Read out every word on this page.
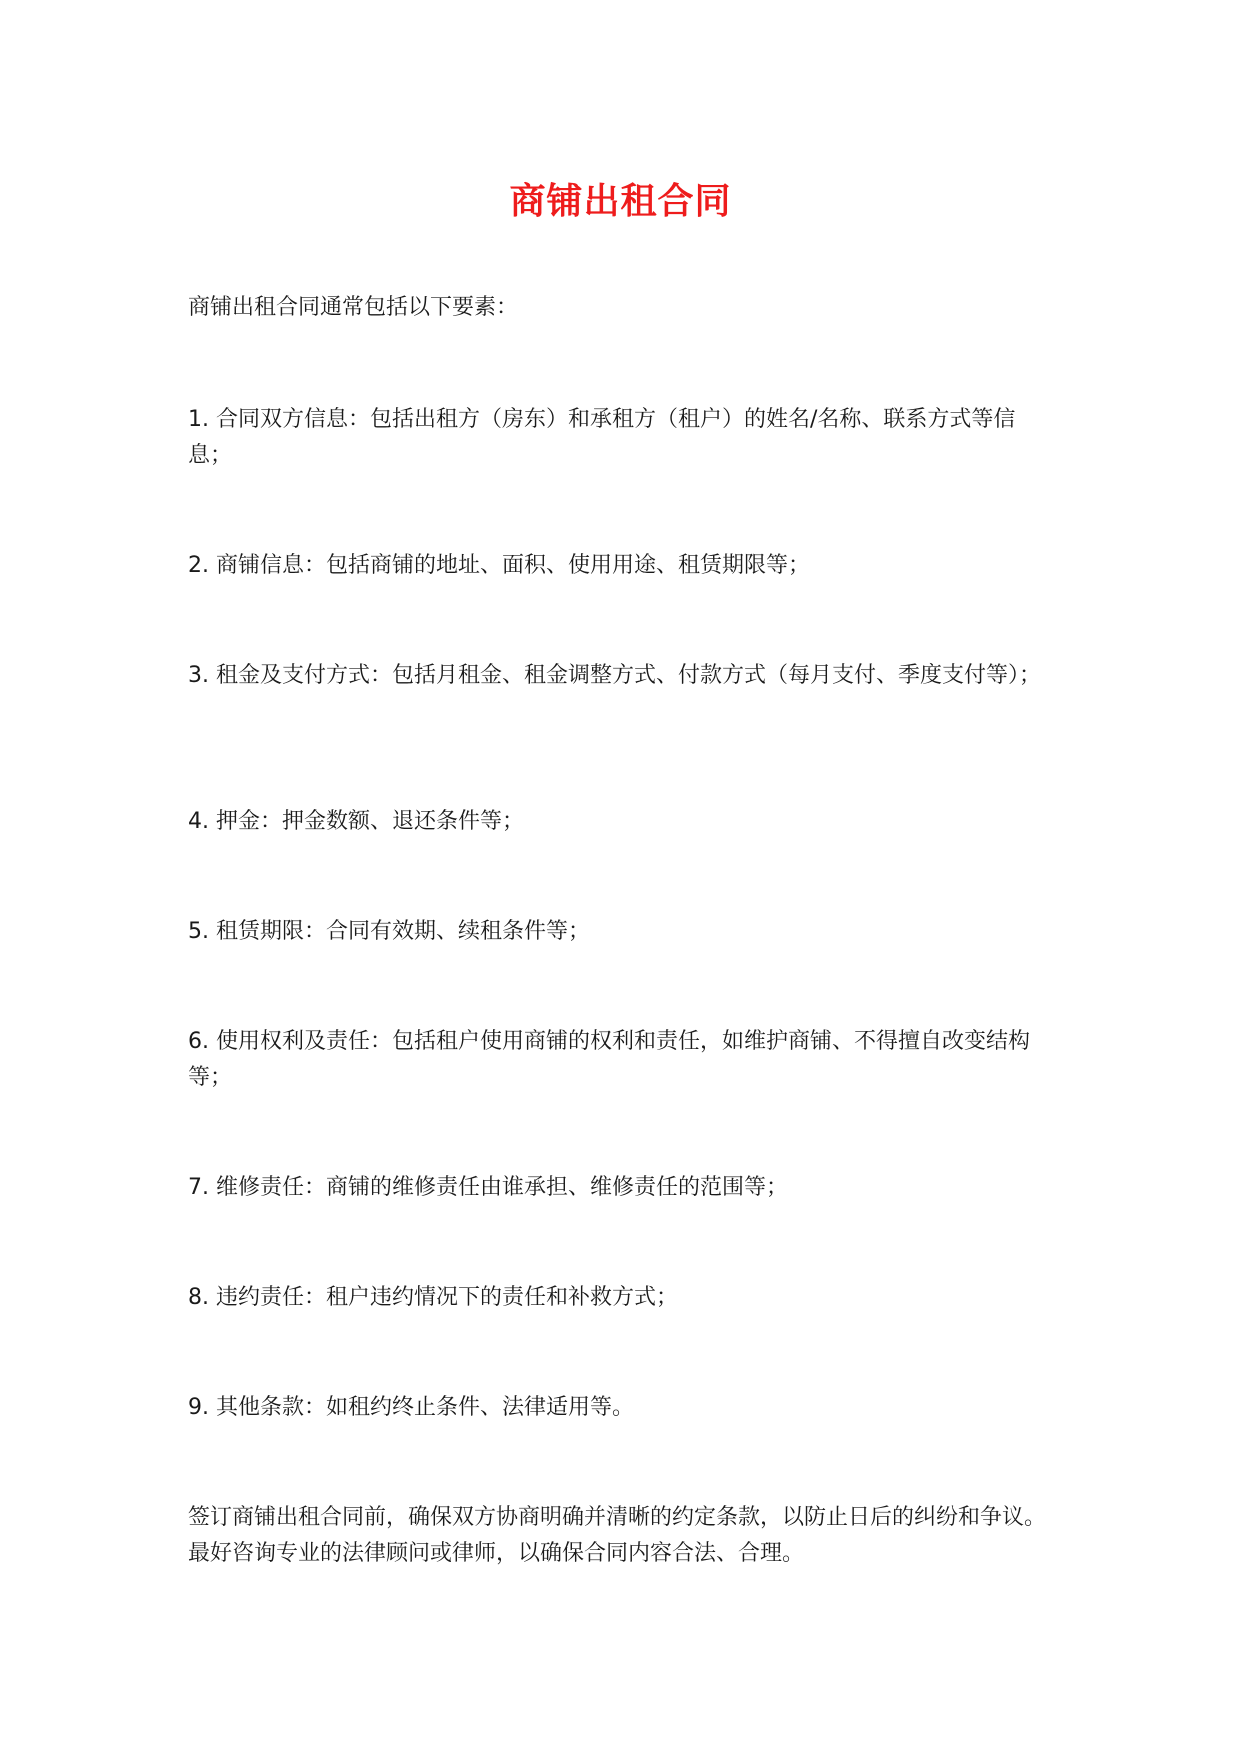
商铺出租合同

商铺出租合同通常包括以下要素：

1. 合同双方信息：包括出租方（房东）和承租方（租户）的姓名/名称、联系方式等信息；

2. 商铺信息：包括商铺的地址、面积、使用用途、租赁期限等；

3. 租金及支付方式：包括月租金、租金调整方式、付款方式（每月支付、季度支付等）；

4. 押金：押金数额、退还条件等；

5. 租赁期限：合同有效期、续租条件等；

6. 使用权利及责任：包括租户使用商铺的权利和责任，如维护商铺、不得擅自改变结构等；

7. 维修责任：商铺的维修责任由谁承担、维修责任的范围等；

8. 违约责任：租户违约情况下的责任和补救方式；

9. 其他条款：如租约终止条件、法律适用等。

签订商铺出租合同前，确保双方协商明确并清晰的约定条款，以防止日后的纠纷和争议。最好咨询专业的法律顾问或律师，以确保合同内容合法、合理。
